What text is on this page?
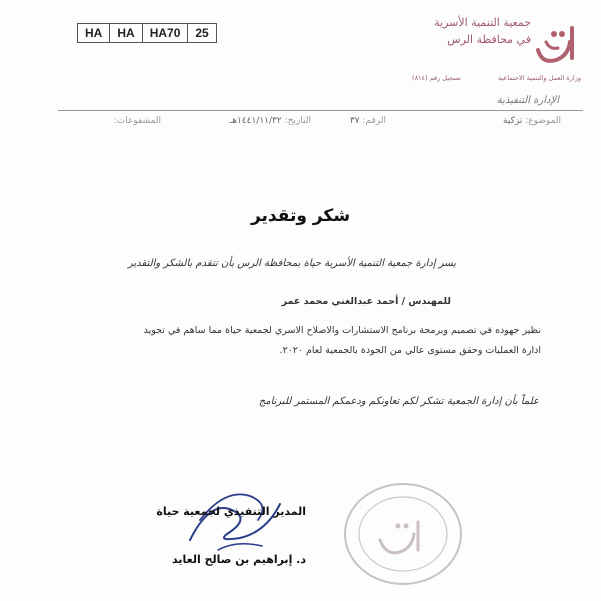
HA	HA	HA70	25
جمعية التنمية الأسرية
في محافظة الرس
وزارة العمل والتنمية الاجتماعية
تسجيل رقم (٨١٤)
الإدارة التنفيذية
الموضوع: تزكية
الرقم: ٣٧
التاريخ: ١٤٤١/١١/٣٢هـ
المشفوعات:
شكر وتقدير
يسر إدارة جمعية التنمية الأسرية حياة بمحافظة الرس بأن تتقدم بالشكر والتقدير
للمهندس / أحمد عبدالغني محمد عمر
نظير جهوده في تصميم وبرمجة برنامج الاستشارات والاصلاح الاسري لجمعية حياة مما ساهم في تجويد
ادارة العمليات وحقق مستوى عالي من الجودة بالجمعية لعام ٢٠٢٠.
علماً بأن إدارة الجمعية تشكر لكم تعاونكم ودعمكم المستمر للبرنامج
المدير التنفيذي لجمعية حياة
د. إبراهيم بن صالح العايد
